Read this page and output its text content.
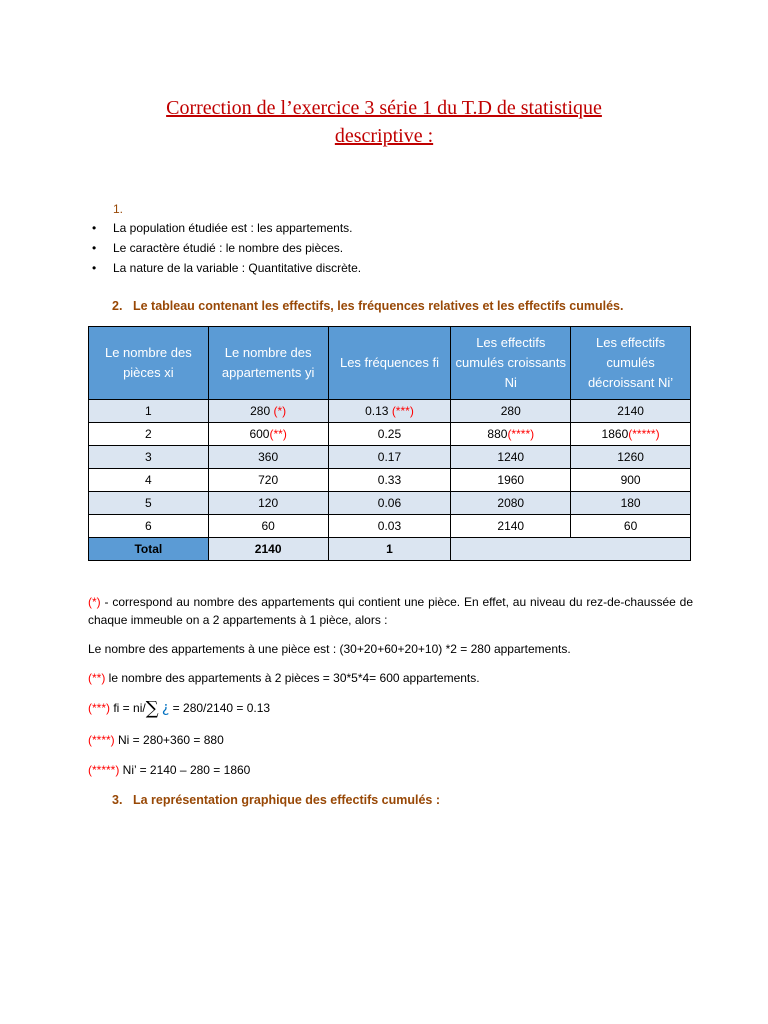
Correction de l’exercice 3 série 1 du T.D de statistique
descriptive :
1.
• La population étudiée est : les appartements.
• Le caractère étudié : le nombre des pièces.
• La nature de la variable : Quantitative discrète.
2. Le tableau contenant les effectifs, les fréquences relatives et les effectifs cumulés.
Le nombre des pièces xi	Le nombre des appartements yi	Les fréquences fi	Les effectifs cumulés croissants Ni	Les effectifs cumulés décroissant Ni’
1	280 (*)	0.13 (***)	280	2140
2	600(**)	0.25	880(****)	1860(*****)
3	360	0.17	1240	1260
4	720	0.33	1960	900
5	120	0.06	2080	180
6	60	0.03	2140	60
Total	2140	1		
(*) - correspond au nombre des appartements qui contient une pièce. En effet, au niveau du rez-de-chaussée de chaque immeuble on a 2 appartements à 1 pièce, alors :
Le nombre des appartements à une pièce est : (30+20+60+20+10) *2 = 280 appartements.
(**) le nombre des appartements à 2 pièces = 30*5*4= 600 appartements.
(***) fi = ni/∑ ¿ = 280/2140 = 0.13
(****) Ni = 280+360 = 880
(*****) Ni’ = 2140 – 280 = 1860
3. La représentation graphique des effectifs cumulés :
